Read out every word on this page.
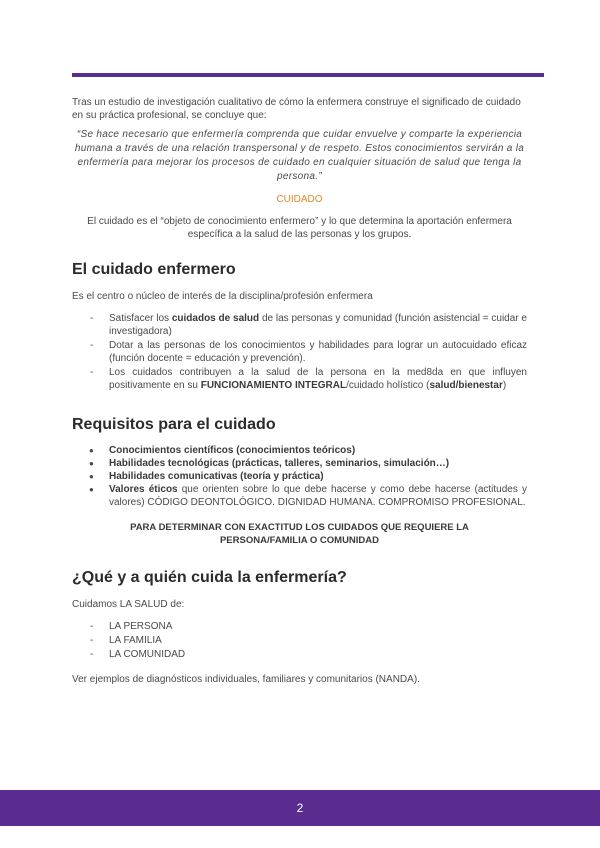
Tras un estudio de investigación cualitativo de cómo la enfermera construye el significado de cuidado en su práctica profesional, se concluye que:

“Se hace necesario que enfermería comprenda que cuidar envuelve y comparte la experiencia humana a través de una relación transpersonal y de respeto. Estos conocimientos servirán a la enfermería para mejorar los procesos de cuidado en cualquier situación de salud que tenga la persona.”

CUIDADO

El cuidado es el “objeto de conocimiento enfermero” y lo que determina la aportación enfermera específica a la salud de las personas y los grupos.

El cuidado enfermero

Es el centro o núcleo de interés de la disciplina/profesión enfermera

- Satisfacer los cuidados de salud de las personas y comunidad (función asistencial = cuidar e investigadora)
- Dotar a las personas de los conocimientos y habilidades para lograr un autocuidado eficaz (función docente = educación y prevención).
- Los cuidados contribuyen a la salud de la persona en la med8da en que influyen positivamente en su FUNCIONAMIENTO INTEGRAL/cuidado holístico (salud/bienestar)
Requisitos para el cuidado
● Conocimientos científicos (conocimientos teóricos)
● Habilidades tecnológicas (prácticas, talleres, seminarios, simulación…)
● Habilidades comunicativas (teoría y práctica)
● Valores éticos que orienten sobre lo que debe hacerse y como debe hacerse (actitudes y valores) CÓDIGO DEONTOLÓGICO. DIGNIDAD HUMANA. COMPROMISO PROFESIONAL.

PARA DETERMINAR CON EXACTITUD LOS CUIDADOS QUE REQUIERE LA
PERSONA/FAMILIA O COMUNIDAD

¿Qué y a quién cuida la enfermería?

Cuidamos LA SALUD de:

- LA PERSONA
- LA FAMILIA
- LA COMUNIDAD

Ver ejemplos de diagnósticos individuales, familiares y comunitarios (NANDA).

2
